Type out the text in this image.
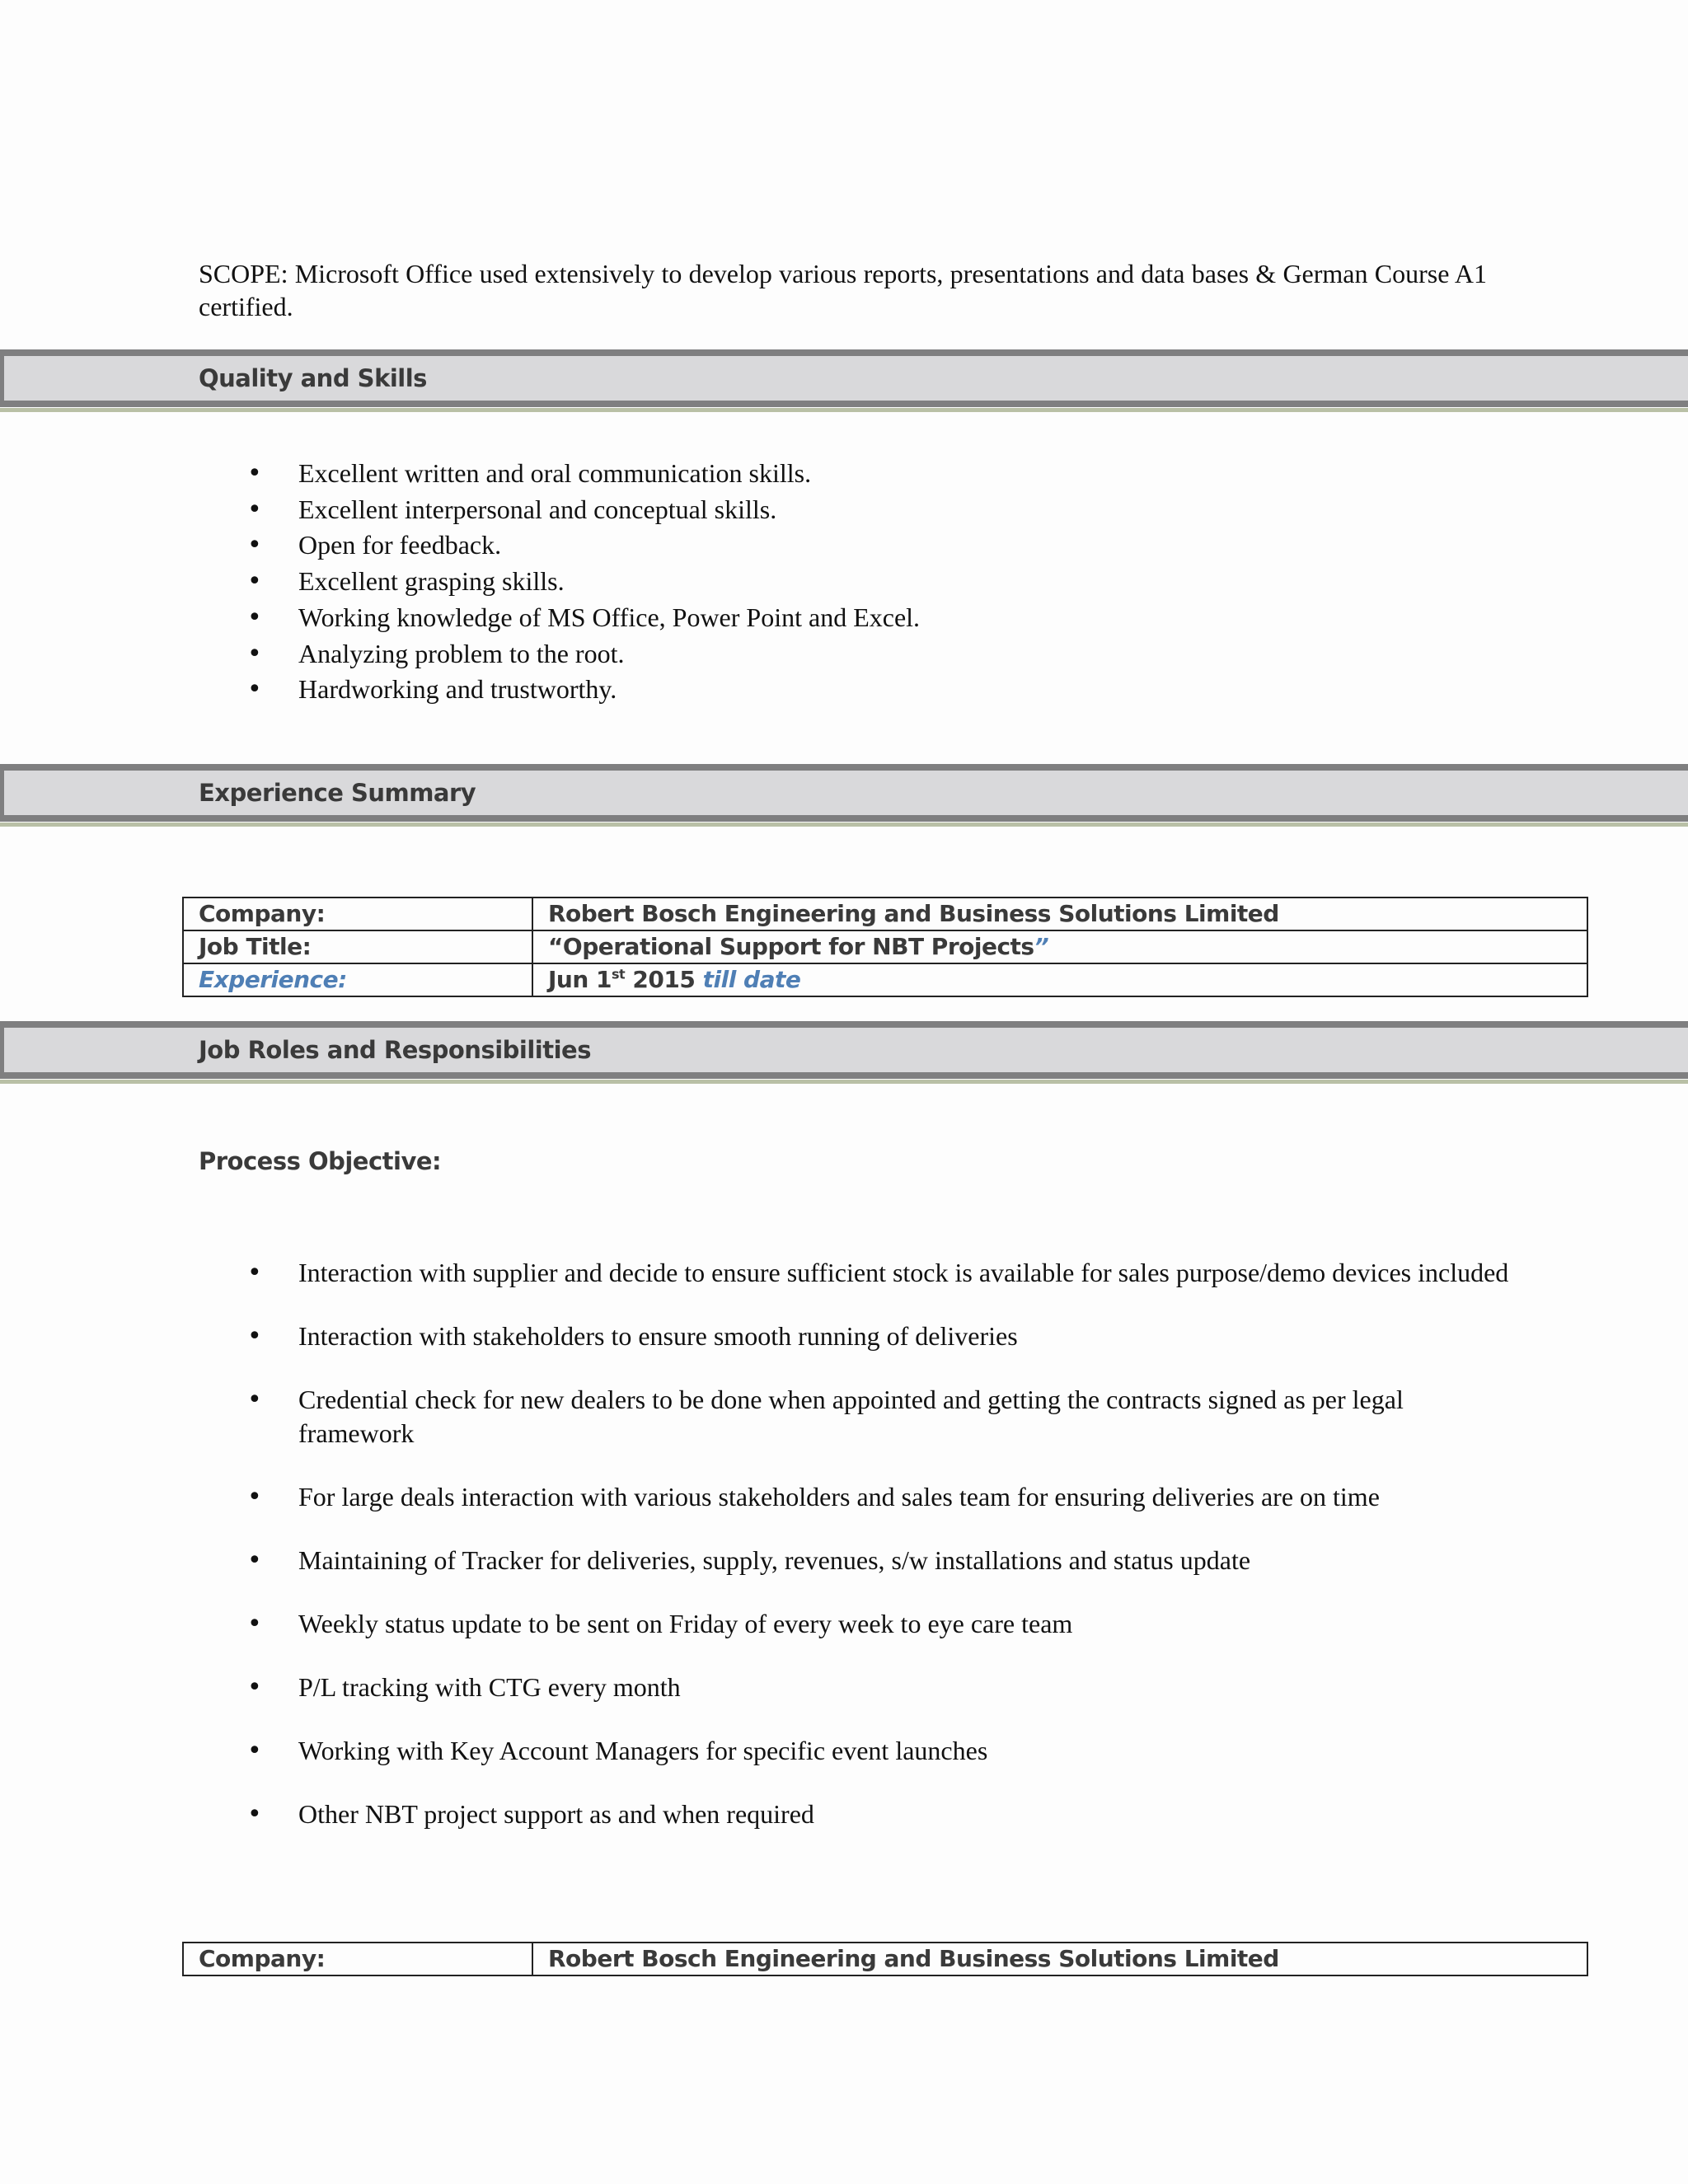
SCOPE: Microsoft Office used extensively to develop various reports, presentations and data bases & German Course A1 certified.

Quality and Skills
• Excellent written and oral communication skills.
• Excellent interpersonal and conceptual skills.
• Open for feedback.
• Excellent grasping skills.
• Working knowledge of MS Office, Power Point and Excel.
• Analyzing problem to the root.
• Hardworking and trustworthy.
Experience Summary
Company:	Robert Bosch Engineering and Business Solutions Limited
Job Title:	“Operational Support for NBT Projects”
Experience:	Jun 1st 2015 till date
Job Roles and Responsibilities
Process Objective:
• Interaction with supplier and decide to ensure sufficient stock is available for sales purpose/demo devices included
• Interaction with stakeholders to ensure smooth running of deliveries
• Credential check for new dealers to be done when appointed and getting the contracts signed as per legal framework
• For large deals interaction with various stakeholders and sales team for ensuring deliveries are on time
• Maintaining of Tracker for deliveries, supply, revenues, s/w installations and status update
• Weekly status update to be sent on Friday of every week to eye care team
• P/L tracking with CTG every month
• Working with Key Account Managers for specific event launches
• Other NBT project support as and when required
Company:	Robert Bosch Engineering and Business Solutions Limited
